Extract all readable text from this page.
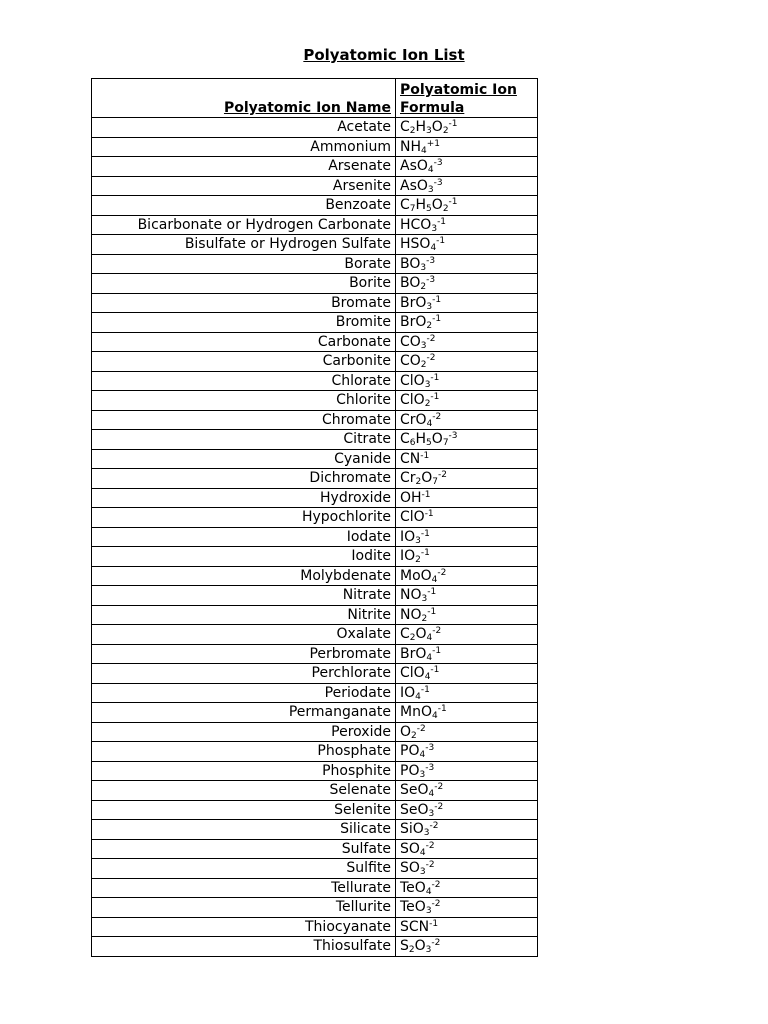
Polyatomic Ion List
Polyatomic Ion Name	Polyatomic Ion Formula
Acetate	$C_2H_3O_2^{-1}$
Ammonium	$NH_4^{+1}$
Arsenate	AsO$_4^{-3}$
Arsenite	AsO$_3^{-3}$
Benzoate	$C_7H_5O_2^{-1}$
Bicarbonate or Hydrogen Carbonate	$HCO_3^{-1}$
Bisulfate or Hydrogen Sulfate	$HSO_4^{-1}$
Borate	$BO_3^{-3}$
Borite	$BO_2^{-3}$
Bromate	BrO$_3^{-1}$
Bromite	BrO$_2^{-1}$
Carbonate	$CO_3^{-2}$
Carbonite	$CO_2^{-2}$
Chlorate	ClO$_3^{-1}$
Chlorite	ClO$_2^{-1}$
Chromate	CrO$_4^{-2}$
Citrate	$C_6H_5O_7^{-3}$
Cyanide	$CN^{-1}$
Dichromate	$Cr_2O_7^{-2}$
Hydroxide	$OH^{-1}$
Hypochlorite	ClO$^{-1}$
Iodate	$IO_3^{-1}$
Iodite	$IO_2^{-1}$
Molybdenate	MoO$_4^{-2}$
Nitrate	$NO_3^{-1}$
Nitrite	$NO_2^{-1}$
Oxalate	$C_2O_4^{-2}$
Perbromate	BrO$_4^{-1}$
Perchlorate	ClO$_4^{-1}$
Periodate	$IO_4^{-1}$
Permanganate	MnO$_4^{-1}$
Peroxide	$O_2^{-2}$
Phosphate	$PO_4^{-3}$
Phosphite	$PO_3^{-3}$
Selenate	SeO$_4^{-2}$
Selenite	SeO$_3^{-2}$
Silicate	SiO$_3^{-2}$
Sulfate	$SO_4^{-2}$
Sulfite	$SO_3^{-2}$
Tellurate	TeO$_4^{-2}$
Tellurite	TeO$_3^{-2}$
Thiocyanate	$SCN^{-1}$
Thiosulfate	$S_2O_3^{-2}$
